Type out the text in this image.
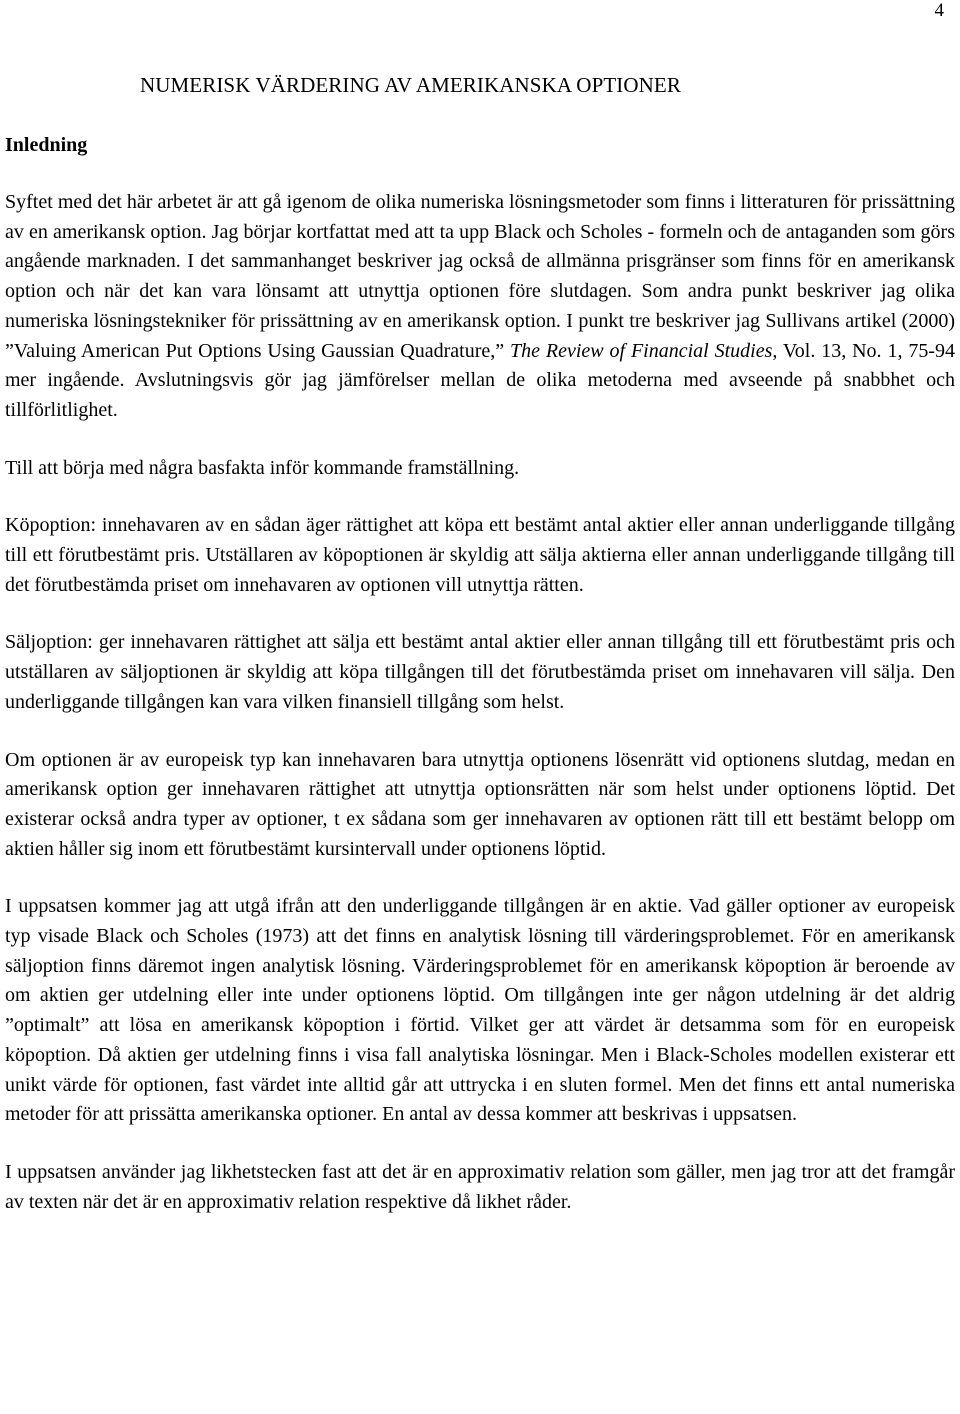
4
NUMERISK VÄRDERING AV AMERIKANSKA OPTIONER
Inledning

Syftet med det här arbetet är att gå igenom de olika numeriska lösningsmetoder som finns i litteraturen för prissättning av en amerikansk option. Jag börjar kortfattat med att ta upp Black och Scholes - formeln och de antaganden som görs angående marknaden. I det sammanhanget beskriver jag också de allmänna prisgränser som finns för en amerikansk option och när det kan vara lönsamt att utnyttja optionen före slutdagen. Som andra punkt beskriver jag olika numeriska lösningstekniker för prissättning av en amerikansk option. I punkt tre beskriver jag Sullivans artikel (2000) ”Valuing American Put Options Using Gaussian Quadrature,” The Review of Financial Studies, Vol. 13, No. 1, 75-94 mer ingående. Avslutningsvis gör jag jämförelser mellan de olika metoderna med avseende på snabbhet och tillförlitlighet.

Till att börja med några basfakta inför kommande framställning.

Köpoption: innehavaren av en sådan äger rättighet att köpa ett bestämt antal aktier eller annan underliggande tillgång till ett förutbestämt pris. Utställaren av köpoptionen är skyldig att sälja aktierna eller annan underliggande tillgång till det förutbestämda priset om innehavaren av optionen vill utnyttja rätten.

Säljoption: ger innehavaren rättighet att sälja ett bestämt antal aktier eller annan tillgång till ett förutbestämt pris och utställaren av säljoptionen är skyldig att köpa tillgången till det förutbestämda priset om innehavaren vill sälja. Den underliggande tillgången kan vara vilken finansiell tillgång som helst.

Om optionen är av europeisk typ kan innehavaren bara utnyttja optionens lösenrätt vid optionens slutdag, medan en amerikansk option ger innehavaren rättighet att utnyttja optionsrätten när som helst under optionens löptid. Det existerar också andra typer av optioner, t ex sådana som ger innehavaren av optionen rätt till ett bestämt belopp om aktien håller sig inom ett förutbestämt kursintervall under optionens löptid.

I uppsatsen kommer jag att utgå ifrån att den underliggande tillgången är en aktie. Vad gäller optioner av europeisk typ visade Black och Scholes (1973) att det finns en analytisk lösning till värderingsproblemet. För en amerikansk säljoption finns däremot ingen analytisk lösning. Värderingsproblemet för en amerikansk köpoption är beroende av om aktien ger utdelning eller inte under optionens löptid. Om tillgången inte ger någon utdelning är det aldrig ”optimalt” att lösa en amerikansk köpoption i förtid. Vilket ger att värdet är detsamma som för en europeisk köpoption. Då aktien ger utdelning finns i visa fall analytiska lösningar. Men i Black-Scholes modellen existerar ett unikt värde för optionen, fast värdet inte alltid går att uttrycka i en sluten formel. Men det finns ett antal numeriska metoder för att prissätta amerikanska optioner. En antal av dessa kommer att beskrivas i uppsatsen.

I uppsatsen använder jag likhetstecken fast att det är en approximativ relation som gäller, men jag tror att det framgår av texten när det är en approximativ relation respektive då likhet råder.
